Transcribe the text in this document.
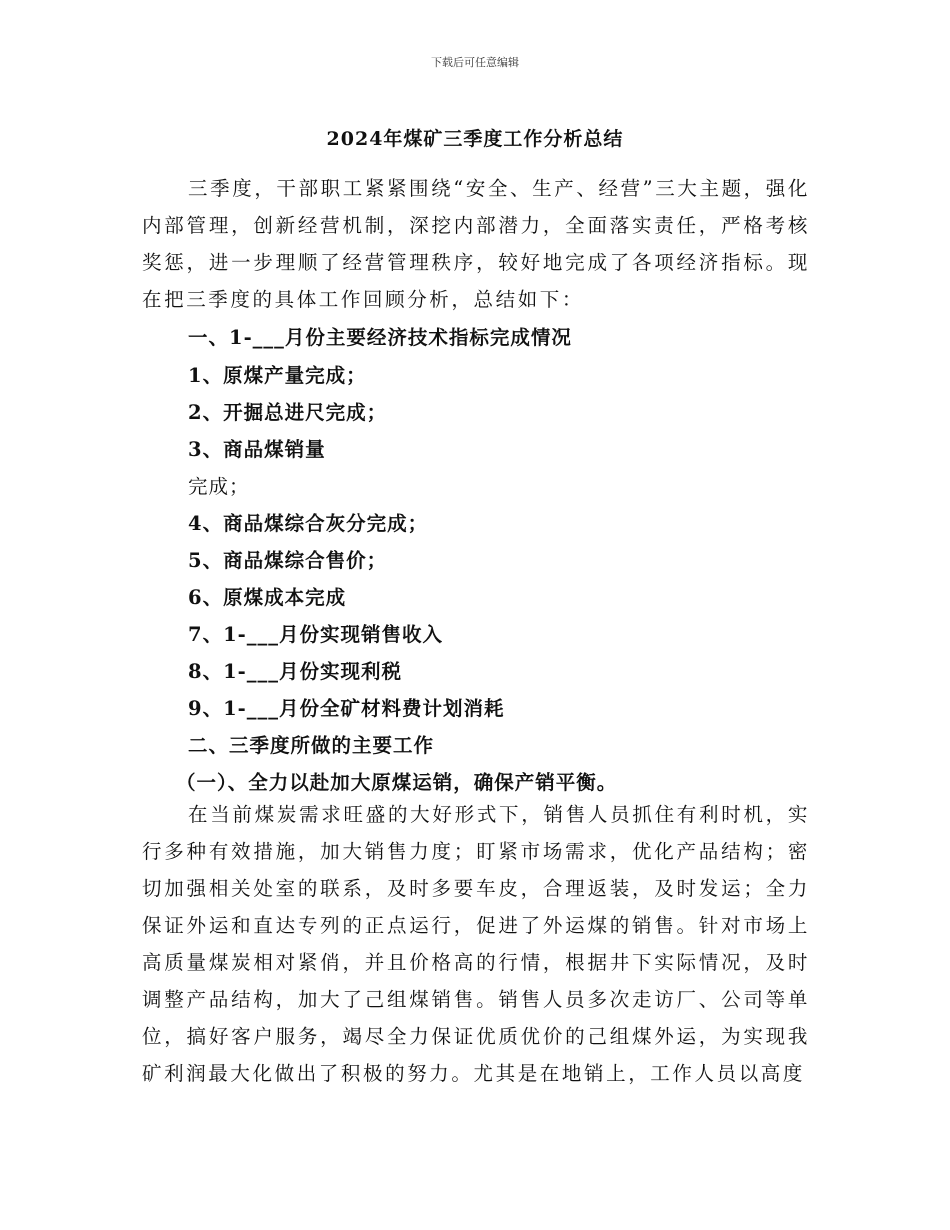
下载后可任意编辑
2024年煤矿三季度工作分析总结
三季度，干部职工紧紧围绕“安全、生产、经营”三大主题，强化内部管理，创新经营机制，深挖内部潜力，全面落实责任，严格考核奖惩，进一步理顺了经营管理秩序，较好地完成了各项经济指标。现在把三季度的具体工作回顾分析，总结如下：
一、1-___月份主要经济技术指标完成情况
1、原煤产量完成；
2、开掘总进尺完成；
3、商品煤销量
完成；
4、商品煤综合灰分完成；
5、商品煤综合售价；
6、原煤成本完成
7、1-___月份实现销售收入
8、1-___月份实现利税
9、1-___月份全矿材料费计划消耗
二、三季度所做的主要工作
（一）、全力以赴加大原煤运销，确保产销平衡。
在当前煤炭需求旺盛的大好形式下，销售人员抓住有利时机，实行多种有效措施，加大销售力度；盯紧市场需求，优化产品结构；密切加强相关处室的联系，及时多要车皮，合理返装，及时发运；全力保证外运和直达专列的正点运行，促进了外运煤的销售。针对市场上高质量煤炭相对紧俏，并且价格高的行情，根据井下实际情况，及时调整产品结构，加大了己组煤销售。销售人员多次走访厂、公司等单位，搞好客户服务，竭尽全力保证优质优价的己组煤外运，为实现我矿利润最大化做出了积极的努力。尤其是在地销上，工作人员以高度
